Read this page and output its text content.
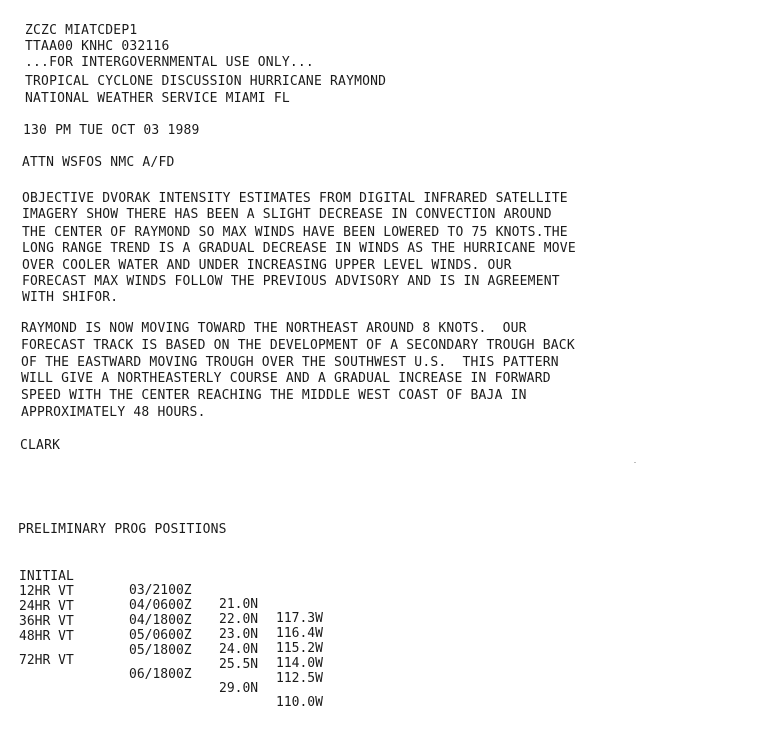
ZCZC MIATCDEP1
TTAA00 KNHC 032116
...FOR INTERGOVERNMENTAL USE ONLY...
TROPICAL CYCLONE DISCUSSION HURRICANE RAYMOND
NATIONAL WEATHER SERVICE MIAMI FL
130 PM TUE OCT 03 1989
ATTN WSFOS NMC A/FD
OBJECTIVE DVORAK INTENSITY ESTIMATES FROM DIGITAL INFRARED SATELLITE
IMAGERY SHOW THERE HAS BEEN A SLIGHT DECREASE IN CONVECTION AROUND
THE CENTER OF RAYMOND SO MAX WINDS HAVE BEEN LOWERED TO 75 KNOTS.THE
LONG RANGE TREND IS A GRADUAL DECREASE IN WINDS AS THE HURRICANE MOVE
OVER COOLER WATER AND UNDER INCREASING UPPER LEVEL WINDS. OUR
FORECAST MAX WINDS FOLLOW THE PREVIOUS ADVISORY AND IS IN AGREEMENT
WITH SHIFOR.
RAYMOND IS NOW MOVING TOWARD THE NORTHEAST AROUND 8 KNOTS.  OUR
FORECAST TRACK IS BASED ON THE DEVELOPMENT OF A SECONDARY TROUGH BACK
OF THE EASTWARD MOVING TROUGH OVER THE SOUTHWEST U.S.  THIS PATTERN
WILL GIVE A NORTHEASTERLY COURSE AND A GRADUAL INCREASE IN FORWARD
SPEED WITH THE CENTER REACHING THE MIDDLE WEST COAST OF BAJA IN
APPROXIMATELY 48 HOURS.
CLARK
PRELIMINARY PROG POSITIONS

INITIAL

03/2100Z

21.0N

117.3W

12HR VT

04/0600Z

22.0N

116.4W

24HR VT

04/1800Z

23.0N

115.2W

36HR VT

05/0600Z

24.0N

114.0W

48HR VT

05/1800Z

25.5N

112.5W

72HR VT

06/1800Z

29.0N

110.0W
